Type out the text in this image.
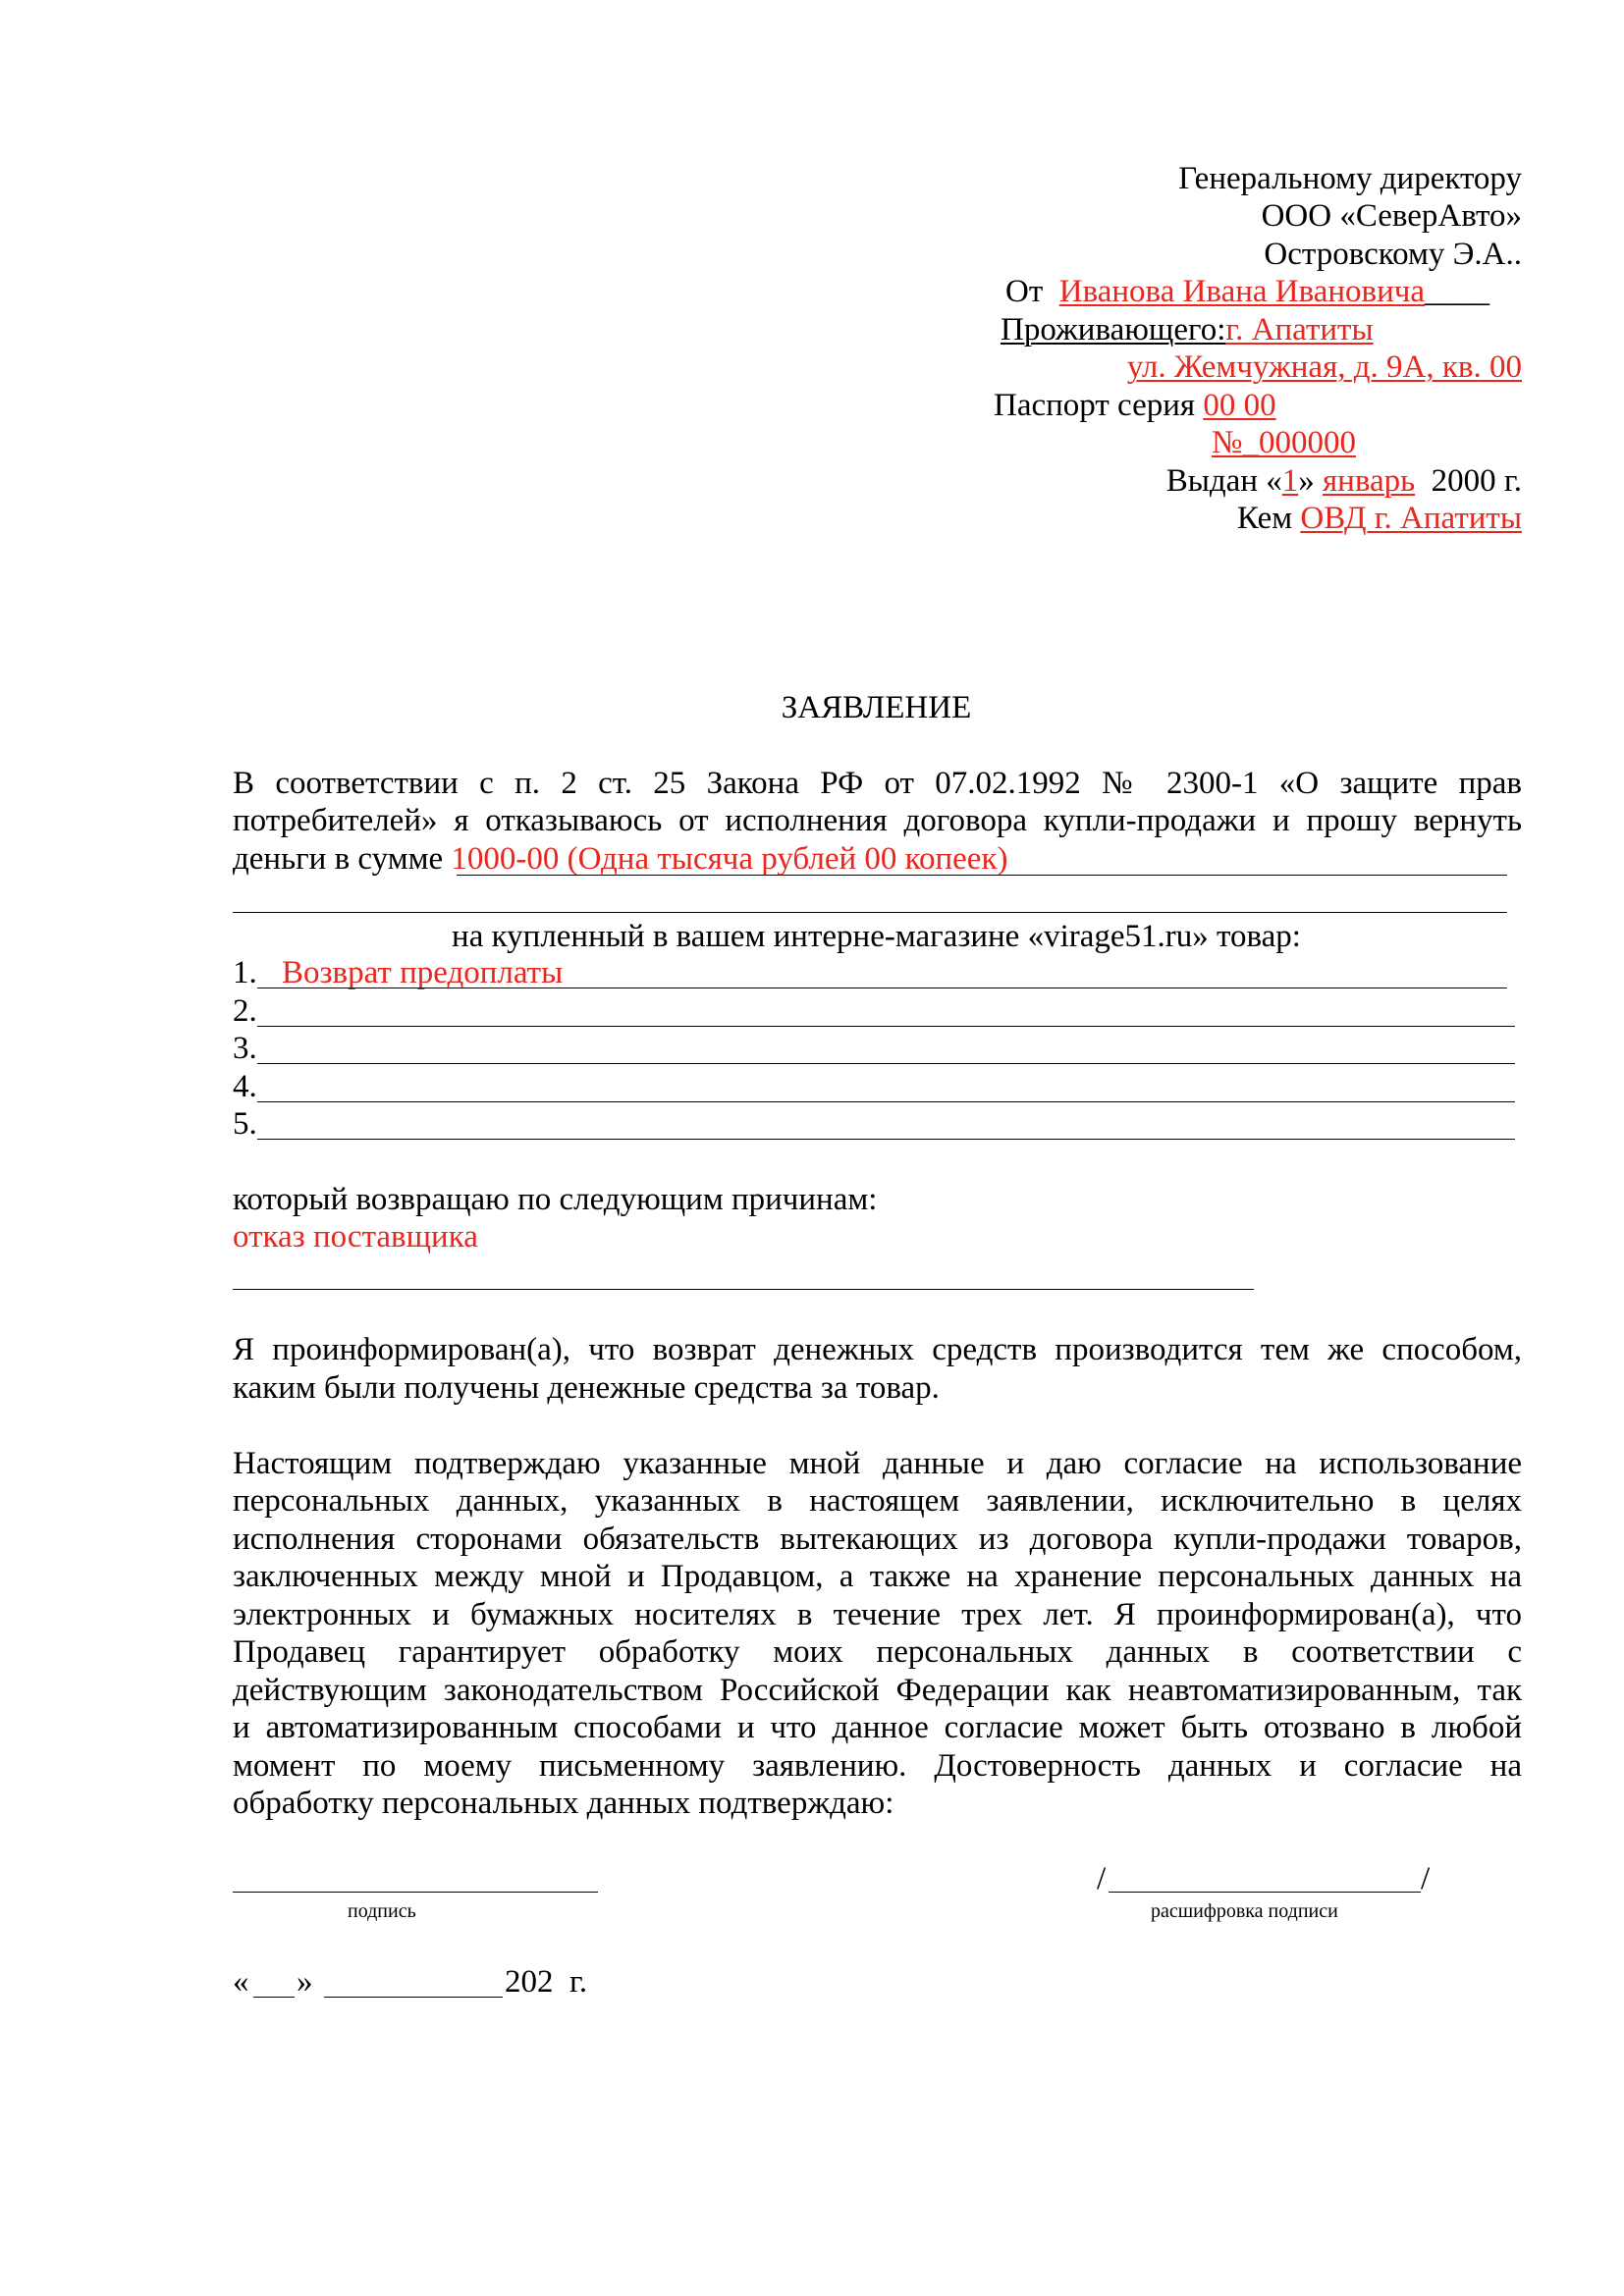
Генеральному директору
ООО «СеверАвто»
Островскому Э.А..
От Иванова Ивана Ивановича____
Проживающего:г. Апатиты
ул. Жемчужная, д. 9А, кв. 00
Паспорт серия 00 00
№_000000
Выдан «1» январь 2000 г.
Кем ОВД г. Апатиты
ЗАЯВЛЕНИЕ
В соответствии с п. 2 ст. 25 Закона РФ от 07.02.1992 № 2300-1 «О защите прав
потребителей» я отказываюсь от исполнения договора купли-продажи и прошу вернуть
деньги в сумме 1000-00 (Одна тысяча рублей 00 копеек)
на купленный в вашем интерне-магазине «virage51.ru» товар:
1. Возврат предоплаты
2.
3.
4.
5.
который возвращаю по следующим причинам:
отказ поставщика
Я проинформирован(а), что возврат денежных средств производится тем же способом,
каким были получены денежные средства за товар.
Настоящим подтверждаю указанные мной данные и даю согласие на использование
персональных данных, указанных в настоящем заявлении, исключительно в целях
исполнения сторонами обязательств вытекающих из договора купли-продажи товаров,
заключенных между мной и Продавцом, а также на хранение персональных данных на
электронных и бумажных носителях в течение трех лет. Я проинформирован(а), что
Продавец гарантирует обработку моих персональных данных в соответствии с
действующим законодательством Российской Федерации как неавтоматизированным, так
и автоматизированным способами и что данное согласие может быть отозвано в любой
момент по моему письменному заявлению. Достоверность данных и согласие на
обработку персональных данных подтверждаю:
подпись
/	/
расшифровка подписи
« »	202  г.
